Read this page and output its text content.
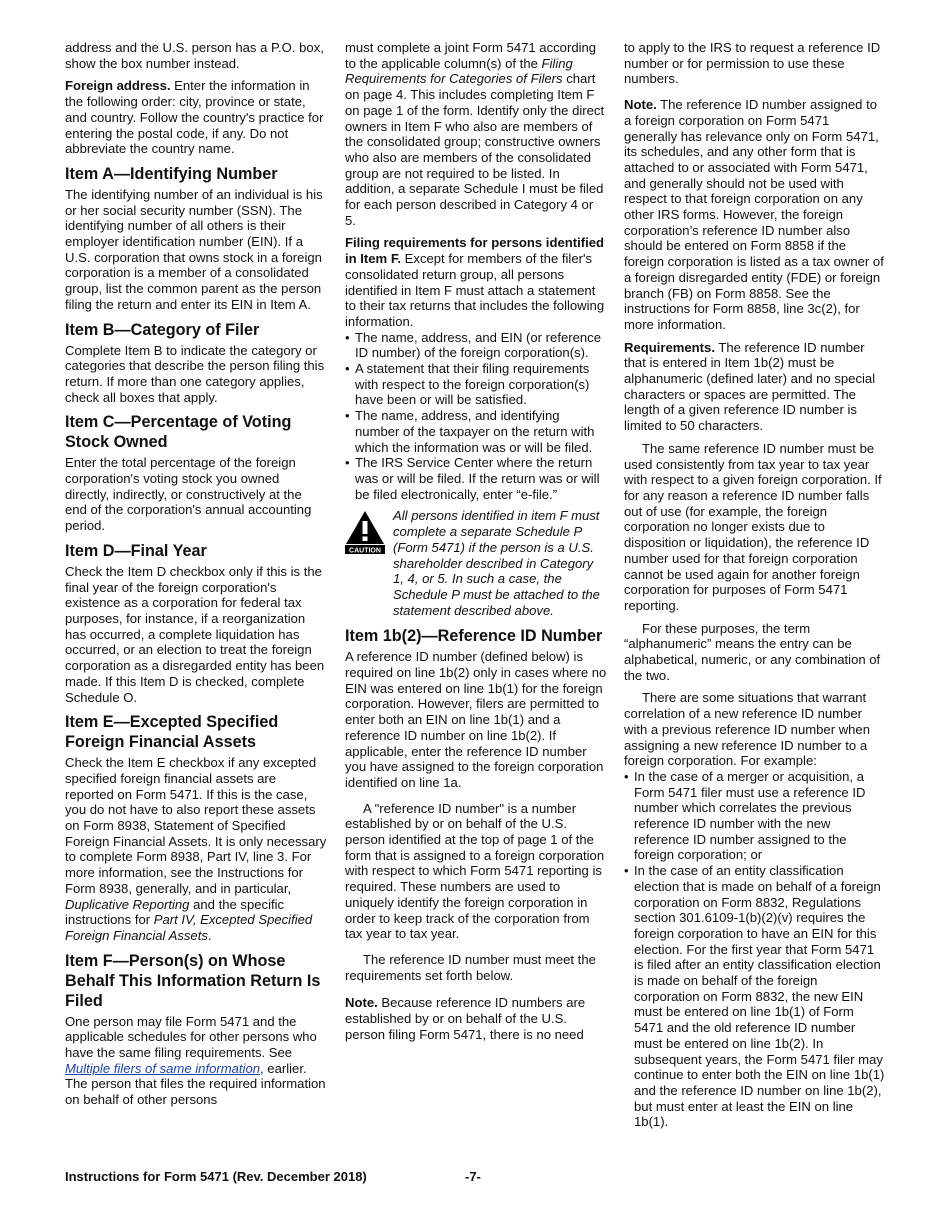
address and the U.S. person has a P.O. box, show the box number instead.

Foreign address. Enter the information in the following order: city, province or state, and country. Follow the country's practice for entering the postal code, if any. Do not abbreviate the country name.

Item A—Identifying Number

The identifying number of an individual is his or her social security number (SSN). The identifying number of all others is their employer identification number (EIN). If a U.S. corporation that owns stock in a foreign corporation is a member of a consolidated group, list the common parent as the person filing the return and enter its EIN in Item A.

Item B—Category of Filer

Complete Item B to indicate the category or categories that describe the person filing this return. If more than one category applies, check all boxes that apply.

Item C—Percentage of Voting Stock Owned

Enter the total percentage of the foreign corporation's voting stock you owned directly, indirectly, or constructively at the end of the corporation's annual accounting period.

Item D—Final Year

Check the Item D checkbox only if this is the final year of the foreign corporation's existence as a corporation for federal tax purposes, for instance, if a reorganization has occurred, a complete liquidation has occurred, or an election to treat the foreign corporation as a disregarded entity has been made. If this Item D is checked, complete Schedule O.

Item E—Excepted Specified Foreign Financial Assets

Check the Item E checkbox if any excepted specified foreign financial assets are reported on Form 5471. If this is the case, you do not have to also report these assets on Form 8938, Statement of Specified Foreign Financial Assets. It is only necessary to complete Form 8938, Part IV, line 3. For more information, see the Instructions for Form 8938, generally, and in particular, Duplicative Reporting and the specific instructions for Part IV, Excepted Specified Foreign Financial Assets.

Item F—Person(s) on Whose Behalf This Information Return Is Filed

One person may file Form 5471 and the applicable schedules for other persons who have the same filing requirements. See Multiple filers of same information, earlier. The person that files the required information on behalf of other persons

must complete a joint Form 5471 according to the applicable column(s) of the Filing Requirements for Categories of Filers chart on page 4. This includes completing Item F on page 1 of the form. Identify only the direct owners in Item F who also are members of the consolidated group; constructive owners who also are members of the consolidated group are not required to be listed. In addition, a separate Schedule I must be filed for each person described in Category 4 or 5.

Filing requirements for persons identified in Item F. Except for members of the filer's consolidated return group, all persons identified in Item F must attach a statement to their tax returns that includes the following information.

• The name, address, and EIN (or reference ID number) of the foreign corporation(s).
• A statement that their filing requirements with respect to the foreign corporation(s) have been or will be satisfied.
• The name, address, and identifying number of the taxpayer on the return with which the information was or will be filed.
• The IRS Service Center where the return was or will be filed. If the return was or will be filed electronically, enter “e-file.”
CAUTION
All persons identified in item F must complete a separate Schedule P (Form 5471) if the person is a U.S. shareholder described in Category 1, 4, or 5. In such a case, the Schedule P must be attached to the statement described above.
Item 1b(2)—Reference ID Number

A reference ID number (defined below) is required on line 1b(2) only in cases where no EIN was entered on line 1b(1) for the foreign corporation. However, filers are permitted to enter both an EIN on line 1b(1) and a reference ID number on line 1b(2). If applicable, enter the reference ID number you have assigned to the foreign corporation identified on line 1a.

A "reference ID number" is a number established by or on behalf of the U.S. person identified at the top of page 1 of the form that is assigned to a foreign corporation with respect to which Form 5471 reporting is required. These numbers are used to uniquely identify the foreign corporation in order to keep track of the corporation from tax year to tax year.

The reference ID number must meet the requirements set forth below.

Note. Because reference ID numbers are established by or on behalf of the U.S. person filing Form 5471, there is no need

to apply to the IRS to request a reference ID number or for permission to use these numbers.

Note. The reference ID number assigned to a foreign corporation on Form 5471 generally has relevance only on Form 5471, its schedules, and any other form that is attached to or associated with Form 5471, and generally should not be used with respect to that foreign corporation on any other IRS forms. However, the foreign corporation’s reference ID number also should be entered on Form 8858 if the foreign corporation is listed as a tax owner of a foreign disregarded entity (FDE) or foreign branch (FB) on Form 8858. See the instructions for Form 8858, line 3c(2), for more information.

Requirements. The reference ID number that is entered in Item 1b(2) must be alphanumeric (defined later) and no special characters or spaces are permitted. The length of a given reference ID number is limited to 50 characters.

The same reference ID number must be used consistently from tax year to tax year with respect to a given foreign corporation. If for any reason a reference ID number falls out of use (for example, the foreign corporation no longer exists due to disposition or liquidation), the reference ID number used for that foreign corporation cannot be used again for another foreign corporation for purposes of Form 5471 reporting.

For these purposes, the term “alphanumeric” means the entry can be alphabetical, numeric, or any combination of the two.

There are some situations that warrant correlation of a new reference ID number with a previous reference ID number when assigning a new reference ID number to a foreign corporation. For example:

• In the case of a merger or acquisition, a Form 5471 filer must use a reference ID number which correlates the previous reference ID number with the new reference ID number assigned to the foreign corporation; or
• In the case of an entity classification election that is made on behalf of a foreign corporation on Form 8832, Regulations section 301.6109-1(b)(2)(v) requires the foreign corporation to have an EIN for this election. For the first year that Form 5471 is filed after an entity classification election is made on behalf of the foreign corporation on Form 8832, the new EIN must be entered on line 1b(1) of Form 5471 and the old reference ID number must be entered on line 1b(2). In subsequent years, the Form 5471 filer may continue to enter both the EIN on line 1b(1) and the reference ID number on line 1b(2), but must enter at least the EIN on line 1b(1).
Instructions for Form 5471 (Rev. December 2018)	-7-
